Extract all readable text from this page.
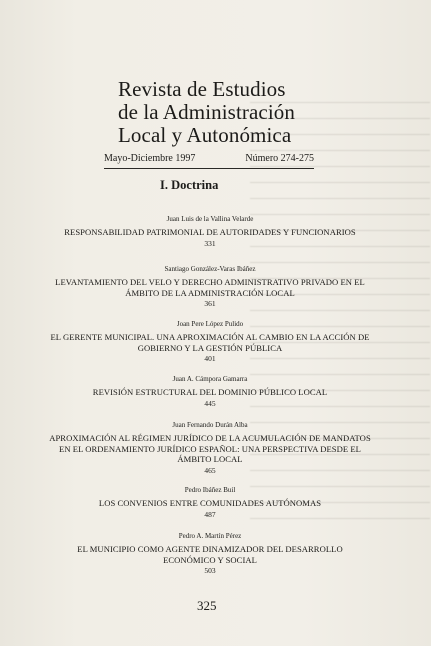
Revista de Estudios
de la Administración
Local y Autonómica
Mayo-Diciembre 1997	Número 274-275
I. Doctrina
Juan Luis de la Vallina Velarde
RESPONSABILIDAD PATRIMONIAL DE AUTORIDADES Y FUNCIONARIOS
331
Santiago González-Varas Ibáñez
LEVANTAMIENTO DEL VELO Y DERECHO ADMINISTRATIVO PRIVADO EN EL ÁMBITO DE LA ADMINISTRACIÓN LOCAL
361
Joan Pere López Pulido
EL GERENTE MUNICIPAL. UNA APROXIMACIÓN AL CAMBIO EN LA ACCIÓN DE GOBIERNO Y LA GESTIÓN PÚBLICA
401
Juan A. Cámpora Gamarra
REVISIÓN ESTRUCTURAL DEL DOMINIO PÚBLICO LOCAL
445
Juan Fernando Durán Alba
APROXIMACIÓN AL RÉGIMEN JURÍDICO DE LA ACUMULACIÓN DE MANDATOS EN EL ORDENAMIENTO JURÍDICO ESPAÑOL: UNA PERSPECTIVA DESDE EL ÁMBITO LOCAL
465
Pedro Ibáñez Buil
LOS CONVENIOS ENTRE COMUNIDADES AUTÓNOMAS
487
Pedro A. Martín Pérez
EL MUNICIPIO COMO AGENTE DINAMIZADOR DEL DESARROLLO ECONÓMICO Y SOCIAL
503
325
